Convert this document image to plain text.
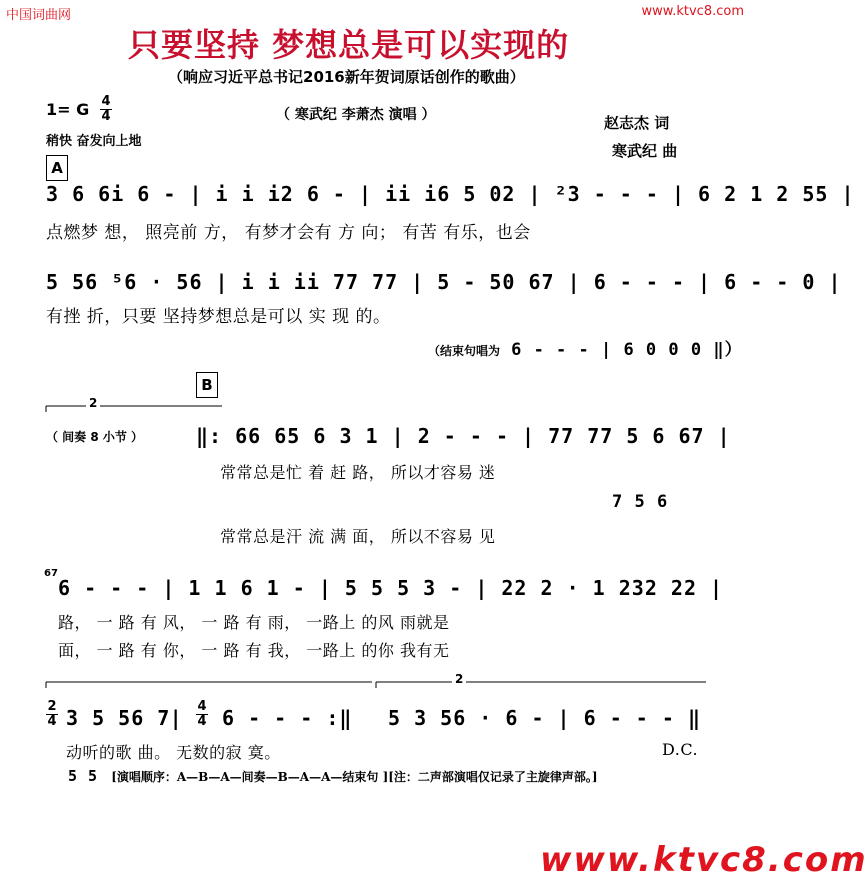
中国词曲网	www.ktvc8.com
只要坚持 梦想总是可以实现的
（响应习近平总书记2016新年贺词原话创作的歌曲）
1= G 4
4	（ 寒武纪 李萧杰 演唱 ）	赵志杰 词
稍快 奋发向上地
寒武纪 曲
A
3 6 6i 6 - | i i i2 6 - | ii i6 5 02 | ²3 - - - | 6 2 1 2 55 |
点燃梦 想， 照亮前 方， 有梦才会有 方 向； 有苦 有乐，也会
5 56 ⁵6 · 56 | i i ii 77 77 | 5 - 50 67 | 6 - - - | 6 - - 0 |
有挫 折，只要 坚持梦想总是可以 实 现 的。
（结束句唱为 6 - - - | 6 0 0 0 ‖）
B
2
（ 间奏 8 小节 ）	‖: 66 65 6 3 1 | 2 - - - | 77 77 5 6 67 |
常常总是忙 着 赶 路， 所以才容易 迷
7 5 6
常常总是汗 流 满 面， 所以不容易 见
67
6 - - - | 1 1 6 1 - | 5 5 5 3 - | 22 2 · 1 232 22 |
路， 一 路 有 风， 一 路 有 雨， 一路上 的风 雨就是
面， 一 路 有 你， 一 路 有 我， 一路上 的你 我有无
2
2
4 3 5 56 7 | 4
4 6 - - - :‖ 5 3 56 · 6 - | 6 - - - ‖
动听的歌 曲。 无数的寂 寞。	D.C.
5 5 [演唱顺序：A—B—A—间奏—B—A—A—结束句 ][注：二声部演唱仅记录了主旋律声部。]
www.ktvc8.com
